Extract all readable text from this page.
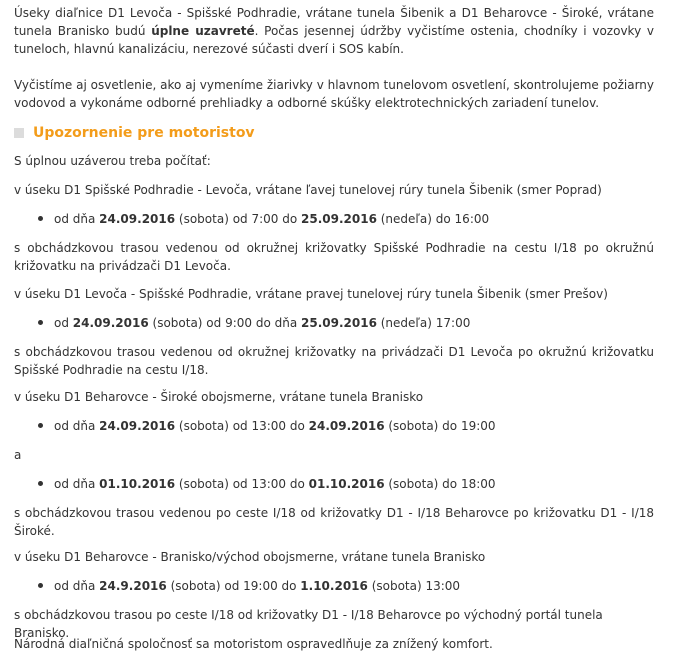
Úseky diaľnice D1 Levoča - Spišské Podhradie, vrátane tunela Šibenik a D1 Beharovce - Široké, vrátane tunela Branisko budú úplne uzavreté. Počas jesennej údržby vyčistíme ostenia, chodníky i vozovky v tuneloch, hlavnú kanalizáciu, nerezové súčasti dverí i SOS kabín.

Vyčistíme aj osvetlenie, ako aj vymeníme žiarivky v hlavnom tunelovom osvetlení, skontrolujeme požiarny vodovod a vykonáme odborné prehliadky a odborné skúšky elektrotechnických zariadení tunelov.

Upozornenie pre motoristov

S úplnou uzáverou treba počítať:

v úseku D1 Spišské Podhradie - Levoča, vrátane ľavej tunelovej rúry tunela Šibenik (smer Poprad)

od dňa 24.09.2016 (sobota) od 7:00 do 25.09.2016 (nedeľa) do 16:00

s obchádzkovou trasou vedenou od okružnej križovatky Spišské Podhradie na cestu I/18 po okružnú križovatku na privádzači D1 Levoča.

v úseku D1 Levoča - Spišské Podhradie, vrátane pravej tunelovej rúry tunela Šibenik (smer Prešov)

od 24.09.2016 (sobota) od 9:00 do dňa 25.09.2016 (nedeľa) 17:00

s obchádzkovou trasou vedenou od okružnej križovatky na privádzači D1 Levoča po okružnú križovatku Spišské Podhradie na cestu I/18.

v úseku D1 Beharovce - Široké obojsmerne, vrátane tunela Branisko

od dňa 24.09.2016 (sobota) od 13:00 do 24.09.2016 (sobota) do 19:00

a

od dňa 01.10.2016 (sobota) od 13:00 do 01.10.2016 (sobota) do 18:00

s obchádzkovou trasou vedenou po ceste I/18 od križovatky D1 - I/18 Beharovce po križovatku D1 - I/18 Široké.

v úseku D1 Beharovce - Branisko/východ obojsmerne, vrátane tunela Branisko

od dňa 24.9.2016 (sobota) od 19:00 do 1.10.2016 (sobota) 13:00

s obchádzkovou trasou po ceste I/18 od križovatky D1 - I/18 Beharovce po východný portál tunela Branisko.

Národná diaľničná spoločnosť sa motoristom ospravedlňuje za znížený komfort.
